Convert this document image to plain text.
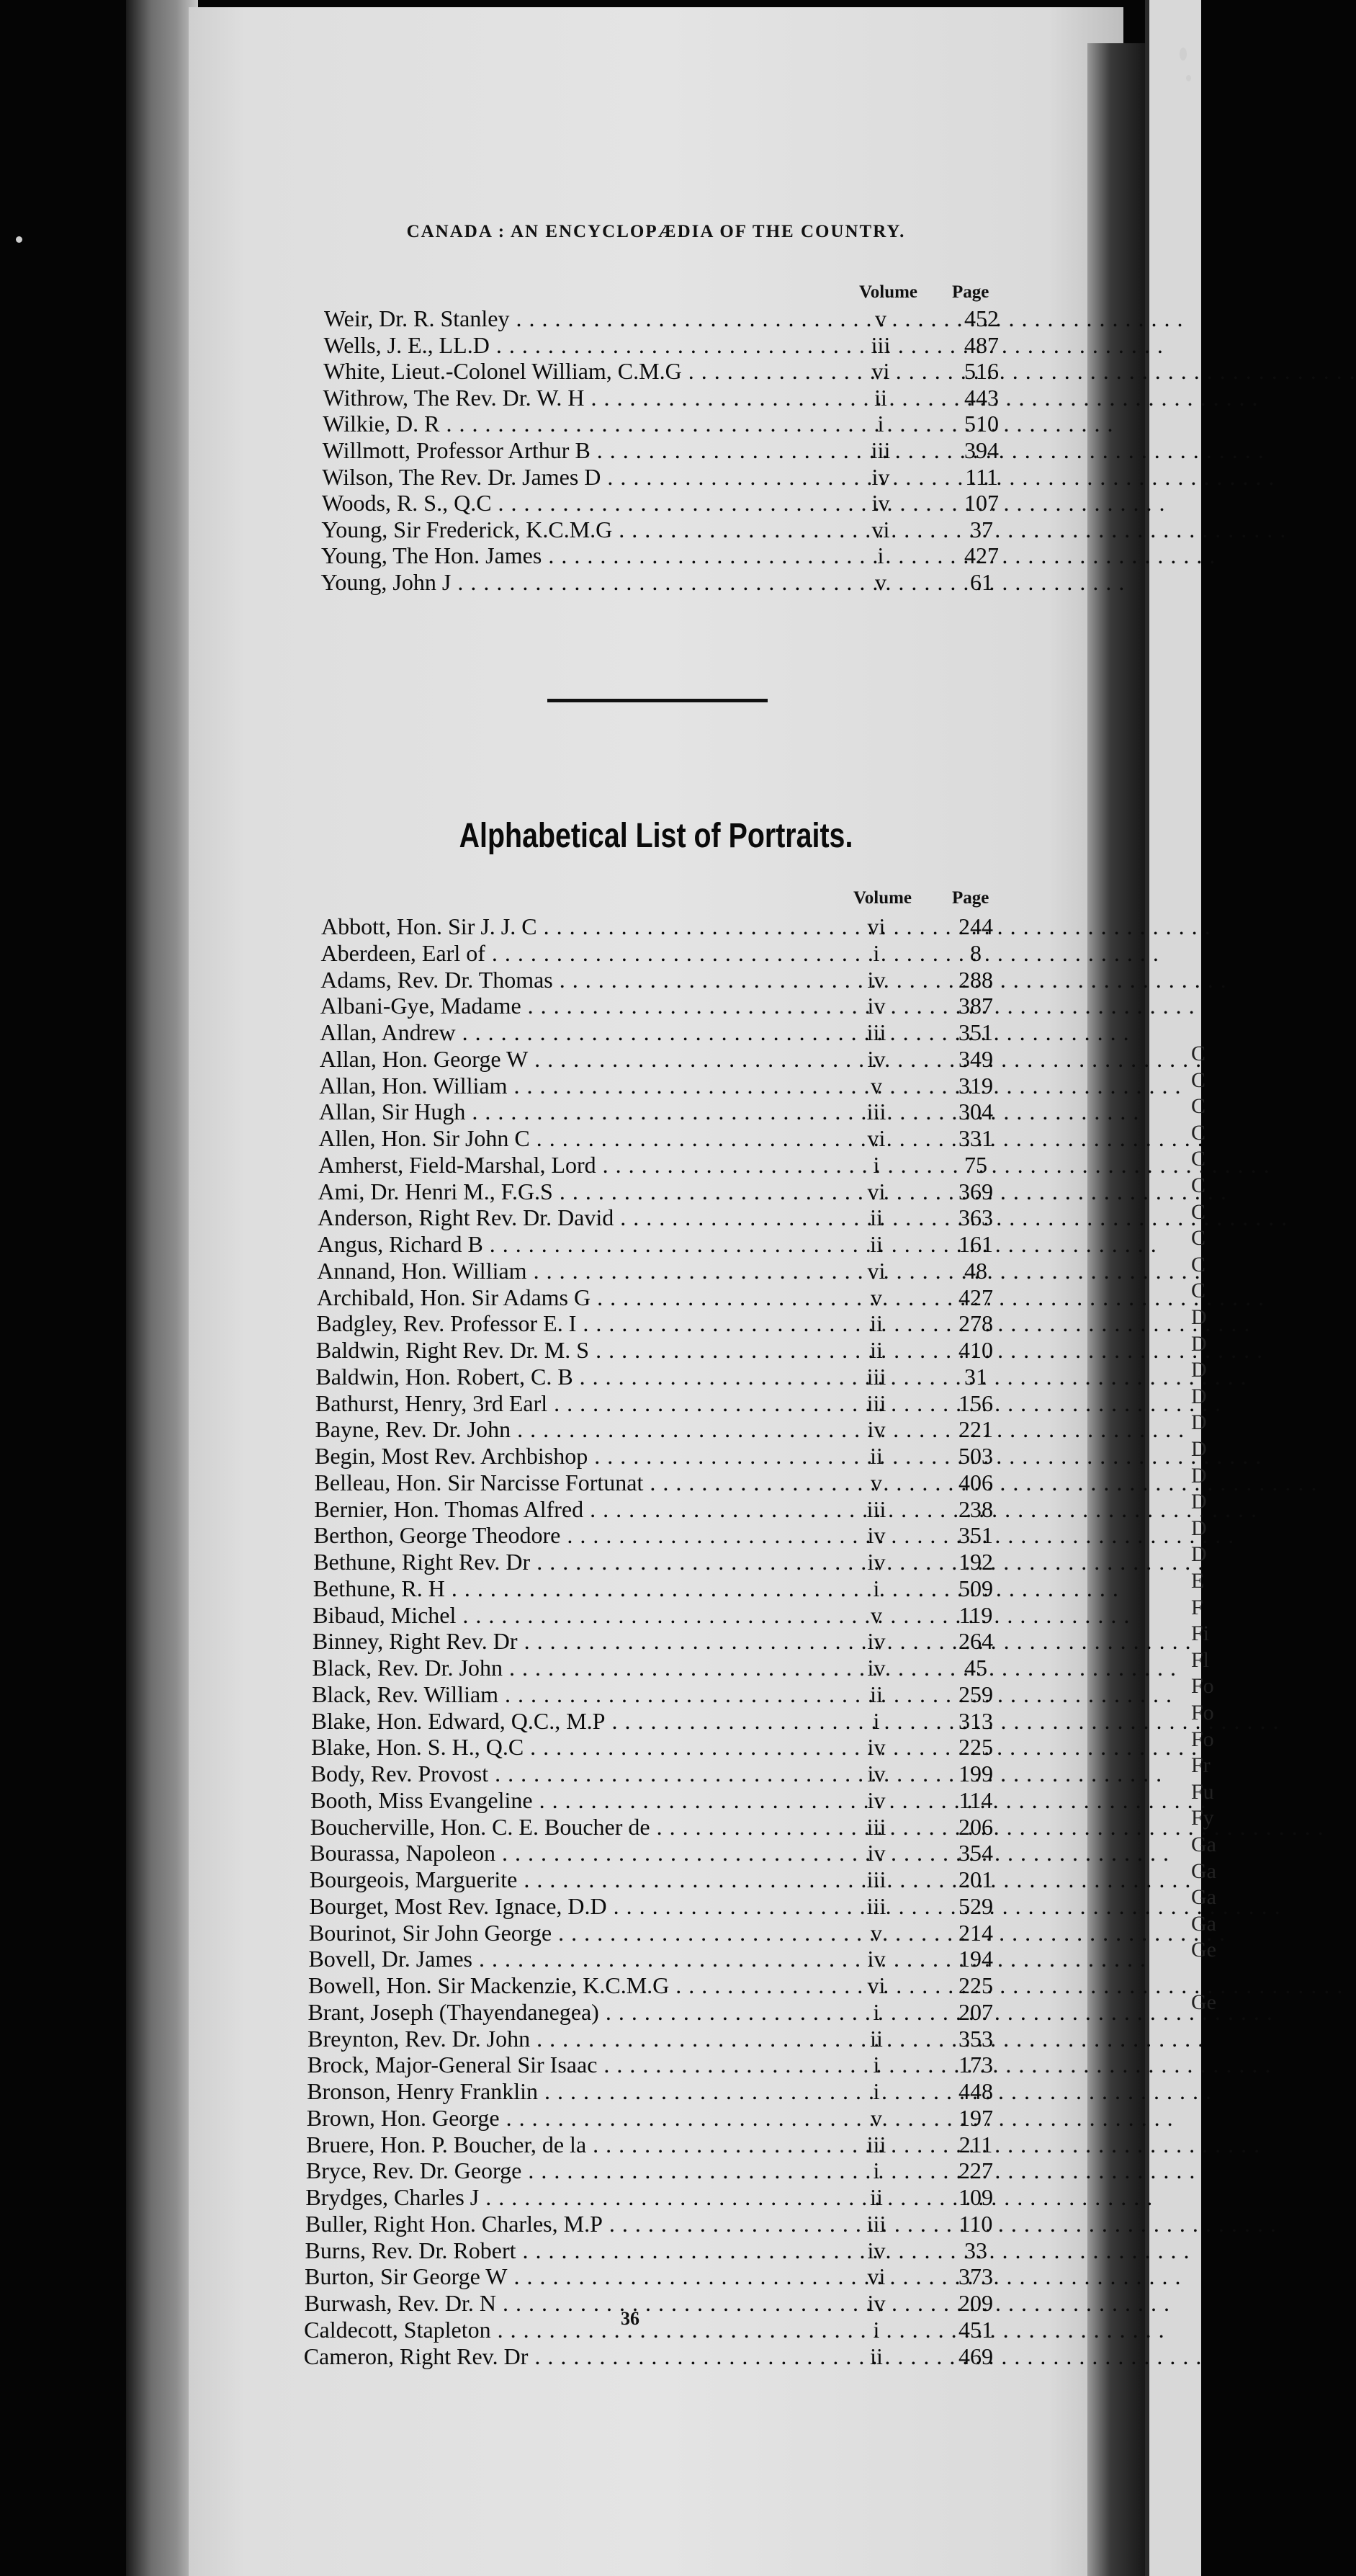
CANADA : AN ENCYCLOPÆDIA OF THE COUNTRY.
Volume Page
Weir, Dr. R. Stanley . . .	v	452
Wells, J. E., LL.D . . .	iii	487
White, Lieut.-Colonel William, C.M.G . . .	vi	516
Withrow, The Rev. Dr. W. H . . .	ii	443
Wilkie, D. R . . .	i	510
Willmott, Professor Arthur B . . .	iii	394
Wilson, The Rev. Dr. James D . . .	iv	111
Woods, R. S., Q.C . . .	iv	107
Young, Sir Frederick, K.C.M.G . . .	vi	37
Young, The Hon. James . . .	i	427
Young, John J . . .	v	61
Alphabetical List of Portraits.
Volume Page
Abbott, Hon. Sir J. J. C . . .	vi	244
Aberdeen, Earl of . . .	i	8
Adams, Rev. Dr. Thomas . . .	iv	288
Albani-Gye, Madame . . .	iv	387
Allan, Andrew . . .	iii	351
Allan, Hon. George W . . .	iv	349
Allan, Hon. William . . .	v	319
Allan, Sir Hugh . . .	iii	304
Allen, Hon. Sir John C . . .	vi	331
Amherst, Field-Marshal, Lord . . .	i	75
Ami, Dr. Henri M., F.G.S . . .	vi	369
Anderson, Right Rev. Dr. David . . .	ii	363
Angus, Richard B . . .	ii	161
Annand, Hon. William . . .	vi	48
Archibald, Hon. Sir Adams G . . .	v	427
Badgley, Rev. Professor E. I . . .	ii	278
Baldwin, Right Rev. Dr. M. S . . .	ii	410
Baldwin, Hon. Robert, C. B . . .	iii	31
Bathurst, Henry, 3rd Earl . . .	iii	156
Bayne, Rev. Dr. John . . .	iv	221
Begin, Most Rev. Archbishop . . .	ii	503
Belleau, Hon. Sir Narcisse Fortunat . . .	v	406
Bernier, Hon. Thomas Alfred . . .	iii	238
Berthon, George Theodore . . .	iv	351
Bethune, Right Rev. Dr . . .	iv	192
Bethune, R. H . . .	i	509
Bibaud, Michel . . .	v	119
Binney, Right Rev. Dr . . .	iv	264
Black, Rev. Dr. John . . .	iv	45
Black, Rev. William . . .	ii	259
Blake, Hon. Edward, Q.C., M.P . . .	i	313
Blake, Hon. S. H., Q.C . . .	iv	225
Body, Rev. Provost . . .	iv	199
Booth, Miss Evangeline . . .	iv	114
Boucherville, Hon. C. E. Boucher de . . .	iii	206
Bourassa, Napoleon . . .	iv	354
Bourgeois, Marguerite . . .	iii	201
Bourget, Most Rev. Ignace, D.D . . .	iii	529
Bourinot, Sir John George . . .	v	214
Bovell, Dr. James . . .	iv	194
Bowell, Hon. Sir Mackenzie, K.C.M.G . . .	vi	225
Brant, Joseph (Thayendanegea) . . .	i	207
Breynton, Rev. Dr. John . . .	ii	353
Brock, Major-General Sir Isaac . . .	i	173
Bronson, Henry Franklin . . .	i	448
Brown, Hon. George . . .	v	197
Bruere, Hon. P. Boucher, de la . . .	iii	211
Bryce, Rev. Dr. George . . .	i	227
Brydges, Charles J . . .	ii	109
Buller, Right Hon. Charles, M.P . . .	iii	110
Burns, Rev. Dr. Robert . . .	iv	33
Burton, Sir George W . . .	vi	373
Burwash, Rev. Dr. N . . .	iv	209
Caldecott, Stapleton . . .	i	451
Cameron, Right Rev. Dr . . .	ii	469
36
C
C
C
C
C
C
C
C
C
C
D
D
D
D
D
D
D
D
D
D
E
F
Fi
Fl
Fo
Fo
Fo
Fr
Fu
Fy
Ga
Ga
Ga
Ga
Ge
Ge
